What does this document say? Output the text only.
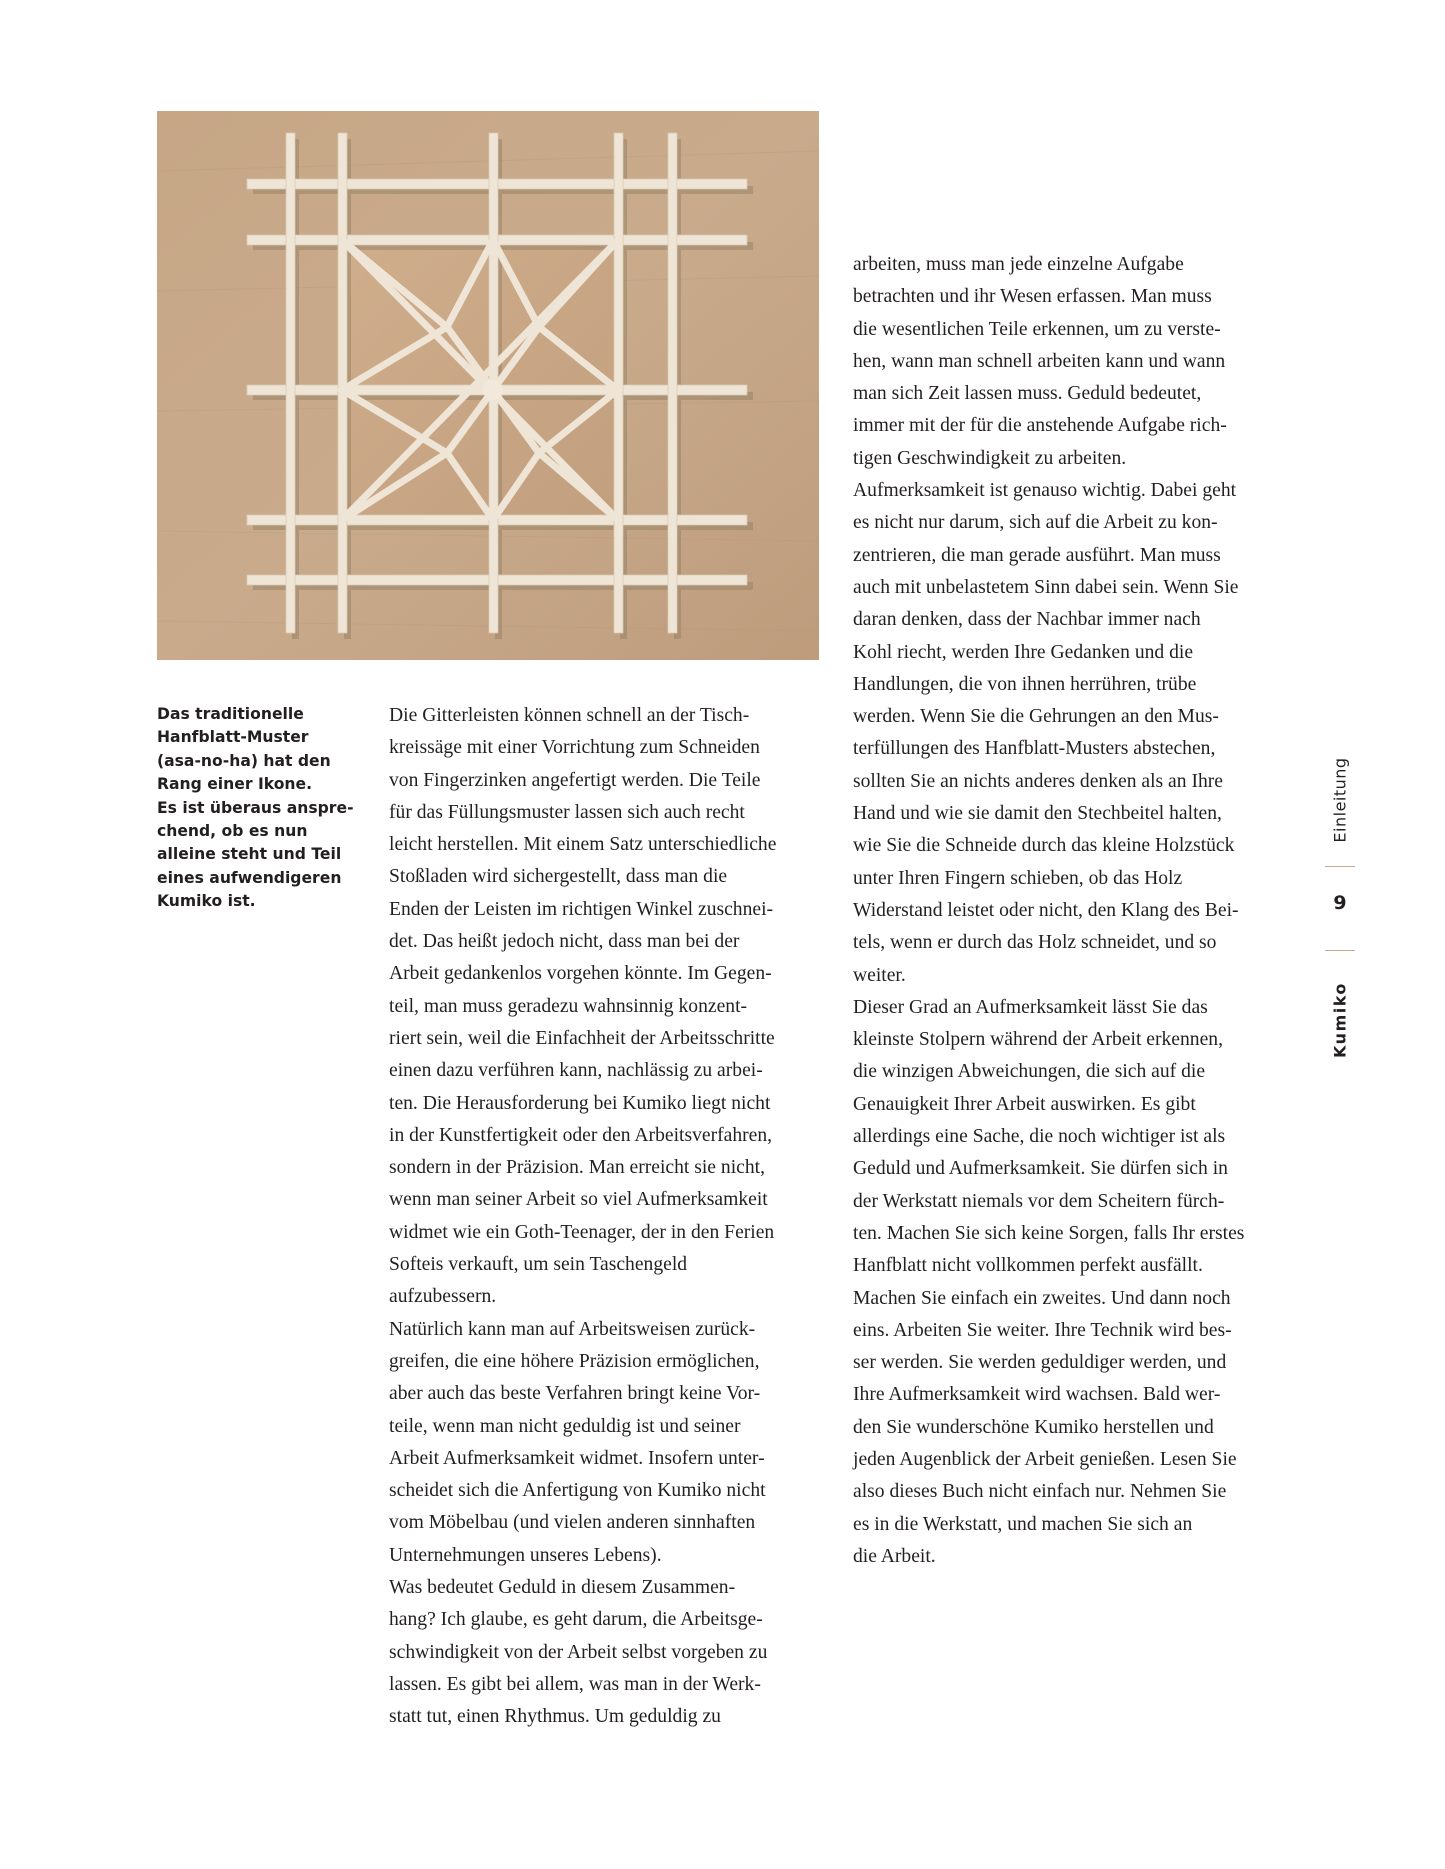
Das traditionelle
Hanfblatt-Muster
(asa-no-ha) hat den
Rang einer Ikone.
Es ist überaus anspre-
chend, ob es nun
alleine steht und Teil
eines aufwendigeren
Kumiko ist.
Die Gitterleisten können schnell an der Tisch-
kreissäge mit einer Vorrichtung zum Schneiden
von Fingerzinken angefertigt werden. Die Teile
für das Füllungsmuster lassen sich auch recht
leicht herstellen. Mit einem Satz unterschiedliche
Stoßladen wird sichergestellt, dass man die
Enden der Leisten im richtigen Winkel zuschnei-
det. Das heißt jedoch nicht, dass man bei der
Arbeit gedankenlos vorgehen könnte. Im Gegen-
teil, man muss geradezu wahnsinnig konzent-
riert sein, weil die Einfachheit der Arbeitsschritte
einen dazu verführen kann, nachlässig zu arbei-
ten. Die Herausforderung bei Kumiko liegt nicht
in der Kunstfertigkeit oder den Arbeitsverfahren,
sondern in der Präzision. Man erreicht sie nicht,
wenn man seiner Arbeit so viel Aufmerksamkeit
widmet wie ein Goth-Teenager, der in den Ferien
Softeis verkauft, um sein Taschengeld
aufzubessern.
Natürlich kann man auf Arbeitsweisen zurück-
greifen, die eine höhere Präzision ermöglichen,
aber auch das beste Verfahren bringt keine Vor-
teile, wenn man nicht geduldig ist und seiner
Arbeit Aufmerksamkeit widmet. Insofern unter-
scheidet sich die Anfertigung von Kumiko nicht
vom Möbelbau (und vielen anderen sinnhaften
Unternehmungen unseres Lebens).
Was bedeutet Geduld in diesem Zusammen-
hang? Ich glaube, es geht darum, die Arbeitsge-
schwindigkeit von der Arbeit selbst vorgeben zu
lassen. Es gibt bei allem, was man in der Werk-
statt tut, einen Rhythmus. Um geduldig zu
arbeiten, muss man jede einzelne Aufgabe
betrachten und ihr Wesen erfassen. Man muss
die wesentlichen Teile erkennen, um zu verste-
hen, wann man schnell arbeiten kann und wann
man sich Zeit lassen muss. Geduld bedeutet,
immer mit der für die anstehende Aufgabe rich-
tigen Geschwindigkeit zu arbeiten.
Aufmerksamkeit ist genauso wichtig. Dabei geht
es nicht nur darum, sich auf die Arbeit zu kon-
zentrieren, die man gerade ausführt. Man muss
auch mit unbelastetem Sinn dabei sein. Wenn Sie
daran denken, dass der Nachbar immer nach
Kohl riecht, werden Ihre Gedanken und die
Handlungen, die von ihnen herrühren, trübe
werden. Wenn Sie die Gehrungen an den Mus-
terfüllungen des Hanfblatt-Musters abstechen,
sollten Sie an nichts anderes denken als an Ihre
Hand und wie sie damit den Stechbeitel halten,
wie Sie die Schneide durch das kleine Holzstück
unter Ihren Fingern schieben, ob das Holz
Widerstand leistet oder nicht, den Klang des Bei-
tels, wenn er durch das Holz schneidet, und so
weiter.
Dieser Grad an Aufmerksamkeit lässt Sie das
kleinste Stolpern während der Arbeit erkennen,
die winzigen Abweichungen, die sich auf die
Genauigkeit Ihrer Arbeit auswirken. Es gibt
allerdings eine Sache, die noch wichtiger ist als
Geduld und Aufmerksamkeit. Sie dürfen sich in
der Werkstatt niemals vor dem Scheitern fürch-
ten. Machen Sie sich keine Sorgen, falls Ihr erstes
Hanfblatt nicht vollkommen perfekt ausfällt.
Machen Sie einfach ein zweites. Und dann noch
eins. Arbeiten Sie weiter. Ihre Technik wird bes-
ser werden. Sie werden geduldiger werden, und
Ihre Aufmerksamkeit wird wachsen. Bald wer-
den Sie wunderschöne Kumiko herstellen und
jeden Augenblick der Arbeit genießen. Lesen Sie
also dieses Buch nicht einfach nur. Nehmen Sie
es in die Werkstatt, und machen Sie sich an
die Arbeit.
Einleitung
9
Kumiko
